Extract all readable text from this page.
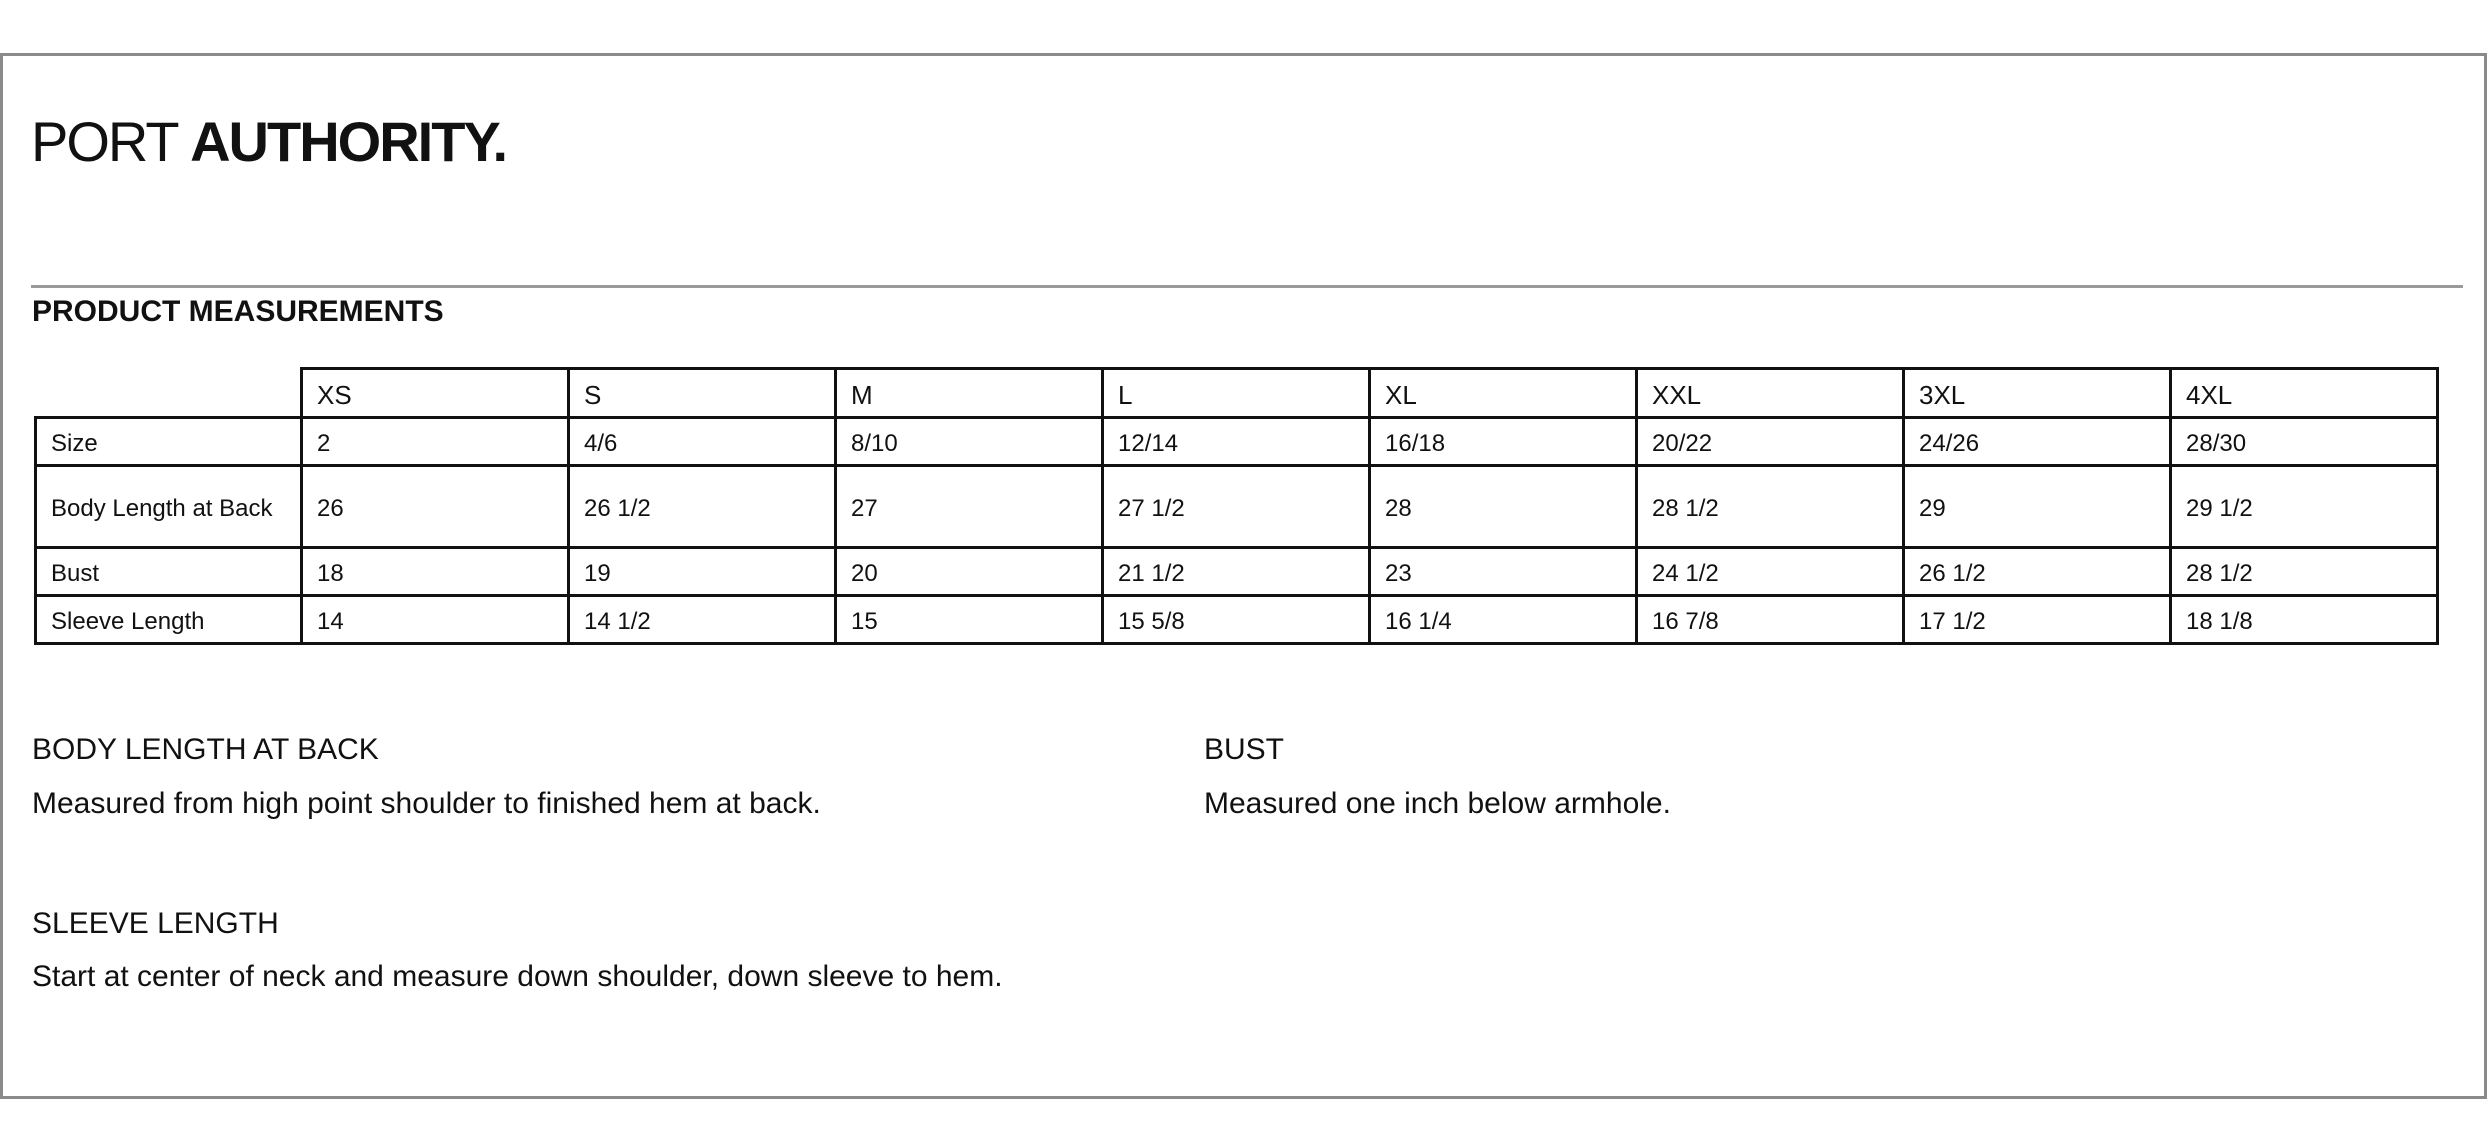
PORT AUTHORITY.
PRODUCT MEASUREMENTS
	XS	S	M	L	XL	XXL	3XL	4XL
Size	2	4/6	8/10	12/14	16/18	20/22	24/26	28/30
Body Length at Back	26	26 1/2	27	27 1/2	28	28 1/2	29	29 1/2
Bust	18	19	20	21 1/2	23	24 1/2	26 1/2	28 1/2
Sleeve Length	14	14 1/2	15	15 5/8	16 1/4	16 7/8	17 1/2	18 1/8
BODY LENGTH AT BACK
Measured from high point shoulder to finished hem at back.
BUST
Measured one inch below armhole.
SLEEVE LENGTH
Start at center of neck and measure down shoulder, down sleeve to hem.
